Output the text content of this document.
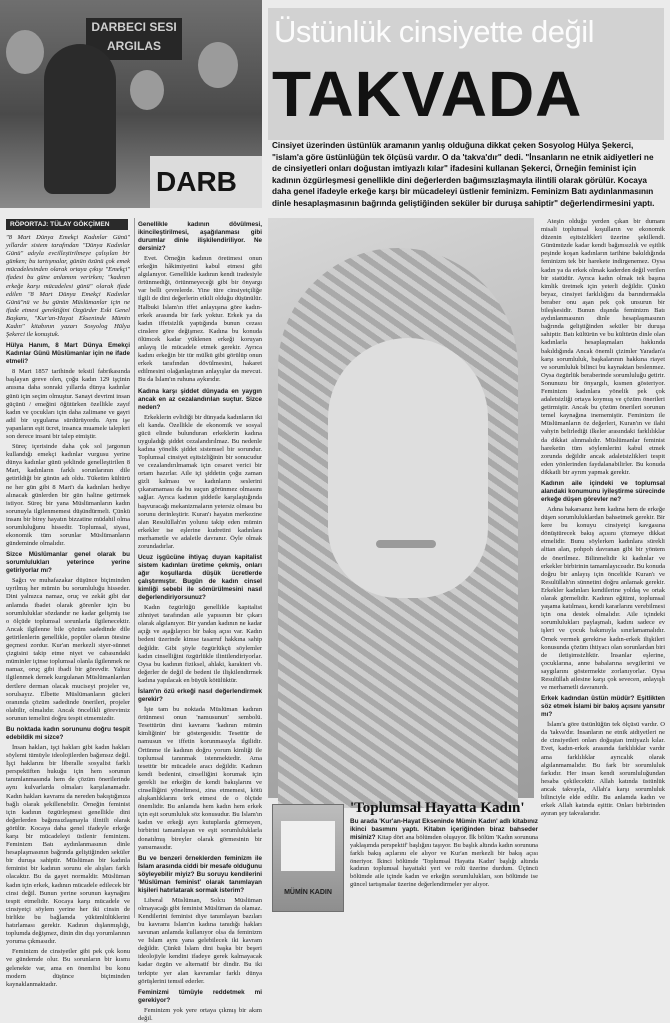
DARBECI SESI
ARGILAS
DARB
Üstünlük cinsiyette değil
TAKVADA
Cinsiyet üzerinden üstünlük aramanın yanlış olduğuna dikkat çeken Sosyolog Hülya Şekerci, "islam'a göre üstünlüğün tek ölçüsü vardır. O da 'takva'dır" dedi. "İnsanların ne etnik aidiyetleri ne de cinsiyetleri onları doğustan imtiyazlı kılar" ifadesini kullanan Şekerci, Örneğin feminist için kadının özgürleşmesi genellikle dini değerlerden bağımsızlaşmayla ilintili olarak görülür. Kocaya daha genel ifadeyle erkeğe karşı bir mücadeleyi üstlenir feminizm. Feminizm Batı aydınlanmasının dinle hesaplaşmasının bağrında geliştiğinden seküler bir duruşa sahiptir" değerlendirmesini yaptı.
RÖPORTAJ: TÜLAY GÖKÇİMEN

"8 Mart Dünya Emekçi Kadınlar Günü" yıllardır sistem tarafından "Dünya Kadınlar Günü" adıyla evcilleştirilmeye çalışılan bir günken; bu tartışmalar, günün özünü çok emek mücadelesinden olarak ortaya çıkışı "Emekçi" ifadesi bu güne anlamını verirken; "kadının erkeğe karşı mücadelesi günü" olarak ifade edilen "8 Mart Dünya Emekçi Kadınlar Günü"nü ve bu günün Müslümanlar için ne ifade etmesi gerektiğini Özgürder Eski Genel Başkanı, "Kur'an-Hayat Ekseninde Mümin Kadın" kitabının yazarı Sosyolog Hülya Şekerci ile konuştuk.

Hülya Hanım, 8 Mart Dünya Emekçi Kadınlar Günü Müslümanlar için ne ifade etmeli?

8 Mart 1857 tarihinde tekstil fabrikasında başlayan greve olen, çoğu kadın 129 işçinin anısına daha sonraki yıllarda dünya kadınlar günü için seçim olmuştur. Sanayi devrimi insan güçünü / emeğini öğütürken özellikle zayıf kadın ve çocukları için daha zalimane ve gayri adil bir uygulama sürdürüyordu. Aynı işe yapanların eşit ücret, insanca muamele talepleri son derece insani bir talep etmiştir.

Süreç içerisinde daha çok sol jargonun kullandığı emekçi kadınlar vurgusu yerine dünya kadınlar günü şeklinde genelleştirilen 8 Mart, kadınların farklı sorunlarının dile getirildiği bir günün adı oldu. Tüketim kültürü ne her gün gibi 8 Mart'ı da kadınları hediye alınacak günlerden bir gün haline getirmek istiyor. Süreç bir yana Müslümanların kadın sorunuyla ilgilenmemesi düşündürmeli. Çünkü insanı bir birey hayatın bizzatine müdahil olma sorumluluğunu hissedir. Toplumsal, siyasi, ekonomik tüm sorunlar Müslümanların gündeminde olmalıdır.

Sizce Müslümanlar genel olarak bu sorumlulukları yeterince yerine getiriyorlar mı?

Sağcı ve muhafazakar düşünce biçiminden uyrilmış her mümin bu sorumluluğu hisseder. Dini yalnızca namaz, oruç ve zekât gibi dar anlamda ibadet olarak görenler için bu sorumluluklar sözdandır ne kadar gelişmiş ise o ölçüde toplumsal sorunlarla ilgilenecektir. Ancak ilgilenne bile çözüm sadedinde dile getirilenlerin genellikle, popüler olanın ötesine geçmesi zordur. Kur'an merkezli siyer-sünnet çizgisini takip etme niyet ve cabasındaki müminler içinse toplumsal olanla ilgilenmek ne namaz, oruç gibi ibadi bir görevdir. Yalnız ilgilenmek demek kurgulanan Müslümanlardan dertlere derman olacak muciseyi projeler ve, sorulsayız. Elbette Müslümanların gücleri oranında çözüm sadedinde önerileri, projeler olabilir, olmalıdır. Ancak öncelikli görevimiz sorunun temelini doğru tespit etmemizdir.

Bu noktada kadın sorununu doğru tespit edebildik mi sizce?

İnsan hakları, işçi hakları gibi kadın hakları söylemi tümüyle ideolojilerden bağımsız değil. İşçi haklarını bir liberalle sosyalist farklı perspektiften hukuğu için hem sorunun tanımlanmasında hem de çözüm önerilerinde aynı kulvarlarda olmaları karşılanamadır. Kadın hakları kavramı da nereden bakıştığınıza bağlı olarak şekillenebilir. Örneğin feminist için kadının özgürleşmesi genellikle dini değerlerden bağımsızlaşmayla ilintili olarak görülür. Kocaya daha genel ifadeyle erkeğe karşı bir mücadeleyi üstlenir feminizm. Feminizm Batı aydınlanmasının dinle hesaplaşmasının bağrında geliştiğinden seküler bir duruşa sahiptir. Müslüman bir kadınla feminist bir kadının sorunu ele alışları farklı olacaktır. Bu da gayet normaldir. Müslüman kadın için erkek, kadının mücadele edilecek bir cinsi değil. Bunun yerine sorunun kaynağını tespit etmelidir. Kocaya karşı mücadele ve cinsiyetçi söylem yerine her iki cinsin de birlikte bu bağlamda yükümlülüklerini hatırlaması gerekir. Kadının dışlanmışlığı, toplumda değişmez, dinin din dışı yorumlarının yoruma çıkmasıdır.

Feminizm de cinsiyetler gibi pek çok konu ve gündemde olur. Bu sorunların bir kısmı gelenekte var, ama en önemlisi bu konu modern düşünce biçiminden kaynaklanmaktadır.

Genellikle kadının dövülmesi, ikincileştirilmesi, aşağılanması gibi durumlar dinle ilişkilendiriliyor. Ne dersiniz?

Evet. Örneğin kadının öretimesi onun erkeğin hâkimiyetini kabul etmesi gibi algılanıyor. Genellikle kadının kendi iradesiyle örtünmediği, örtünmeyeceği gibi bir önyargı var belli çevrelerde. Yine türe cinsiyetçiliğe ilgili de dini değerlerin etkili olduğu düşünülür. Halbuki İslam'ın iffet anlayışına göre kadın-erkek arasında bir fark yoktur. Erkek ya da kadın iffetsizlik yaptığında bunun cezası cinslere göre değişmez. Kadına bu konuda ölümcek kadar yüklenen erkeği koruyan anlayış ile mücadele etmek gerekir. Ayrıca kadını erkeğin bir tür mülkü gibi görülüp onun erkek tarafından dövülmesini, hakaret edilmesini olağanlaştıran anlayışlar da mevcut. Bu da İslam'ın ruhuna aykırıdır.

Kadına karşı şiddet dünyada en yaygın ancak en az cezalandırılan suçtur. Sizce neden?

Erkeklerin evlidiği bir dünyada kadınların iki eli kanda. Özellikle de ekonomik ve sosyal gücü elinde bulunduran erkeklerin kadına uyguladığı şiddet cezalandırılmaz. Bu nedenle kadına yönelik şiddet sistemsel bir sorundur. Toplumsal cinsiyet eşitsizliğinin bir sonucudur ve cezalandırılmamak için cesaret verici bir ortam hazırlar. Aile içi şiddetin çoğu zaman gizli kalması ve kadınların seslerini çıkaramaması da bu suçun görünmez olmasını sağlar. Ayrıca kadının şiddetle karşılaştığında başvuracağı mekanizmaların yetersiz olması bu sorunu derinleştirir. Kuran'ı hayatın merkezine alan Resulüllah'ın yolunu takip eden mümin erkekler ise eşlerine kudretini kadınlara merhametle ve adaletle davranır. Öyle olmak zorundadırlar.

Ucuz işgücüne ihtiyaç duyan kapitalist sistem kadınları üretime çekmiş, onları ağır koşullarda düşük ücretlerde çalıştırmıştır. Bugün de kadın cinsel kimliği sebebi ile sömürülmesini nasıl değerlendiriyorsunuz?

Kadın özgürlüğü genellikle kapitalist zihniyet tarafından aile yapısının bir çıkarı olarak algılanıyor. Bir yandan kadının ne kadar açığı ve aşağılayıcı bir bakış açısı var. Kadın bedeni üzerinde kimse tasarruf hakkına sahip değildir. Gibi şöyle özgürlükçü söylemler kadın cinselliğini özgürlükle ilintilendiriyorlar. Oysa bu kadının fiziksel, ahlaki, karakteri vb. değerler de değil de bedeni ile ilişkilendirmek kadına yapılacak en büyük kötülüktür.

İslam'ın özü erkeği nasıl değerlendirmek gerekir?

İşte tam bu noktada Müslüman kadının örtünmesi onun 'namusunun' sembolü. Tesettürün dini kavramı 'kadının mümin kimliğinin' bir göstergesidir. Tesettür de namusun ve iffetin korunmasıyla ilgilidir. Örtünme ile kadının doğru yorum kimliği ile toplumsal tanınmak istenmektedir. Ama tesettür bir mücadele aracı değildir. Kadının kendi bedenini, cinselliğini korumak için gerekli ise erkeğin de kendi bakışlarını ve cinselliğini yöneltmesi, zina etmemesi, kötü alışkanlıklarını terk etmesi de o ölçüde önemlidir. Bu anlamda hem kadın hem erkek için eşit sorumluluk söz konusudur. Bu İslam'ın kadın ve erkeği ayrı kutuplarda görmeyen, birbirini tamamlayan ve eşit sorumluluklarla donatılmış bireyler olarak görmesinin bir yansımasıdır.

Bu ve benzeri örneklerden feminizm ile İslam arasında ciddi bir mesafe olduğunu söyleyebilir miyiz? Bu soruyu kendilerini 'Müslüman feminist' olarak tanımlayan kişileri hatırlatarak sormak isterim?

Liberal Müslüman, Solcu Müslüman olmayacağı gibi feminist Müslüman da olamaz. Kendilerini feminist diye tanımlayan bazıları bu kavramı İslam'ın kadına tanıdığı hakları savunan anlamda kullanıyor olsa da feminizm ve İslam aynı yana gelebilecek iki kavram değildir. Çünkü İslam dini başka bir beşeri ideolojiyle kendini ifadeye gerek kalmayacak kadar özgün ve alternatif bir dindir. Bu iki terkipte yer alan kavramlar farklı dünya görüşlerini temsil ederler.

Feminizmi tümüyle reddetmek mi gerekiyor?

Feminizm yok yere ortaya çıkmış bir akım değil.

Ateşin olduğu yerden çıkan bir dumanı misali toplumsal koşulların ve ekonomik düzenin eşitsizlikleri üzerine şekillendi. Günümüzde kadar kendi bağımsızlık ve eşitlik peşinde koşan kadınların tarihine bakıldığında feminizm tek bir harekete indirgenemez. Oysa kadın ya da erkek olmak kaderden değil verilen bir statüdür. Ayrıca kadın olmak tek başına kimlik üretmek için yeterli değildir. Çünkü beyaz, cinsiyet farklılığını da barındırmakla beraber onu aşan pek çok unsurun bir bileşkesidir. Bunun dışında feminizm Batı aydınlanmasının dinle hesaplaşmasının bağrında geliştiğinden seküler bir duruşa sahiptir. Batı kültürün ve bu kültürün dinle olan kadınlarla hesaplaşmaları hakkında bakıldığında Ancak önemli çizimler Yaradan'a karşı sorumluluk, başkalarının hakkına riayet ve sorumluluk bilinci bu kaynaktan beslenmez. Oysa özgürlük beraberinde sorumluluğu getirir. Sonunuzu bir önyargılı, kısmen gösteriyor. Feminizm kadınlara yönelik pek çok adaletsizliği ortaya koymuş ve çözüm önerileri getirmiştir. Ancak bu çözüm önerileri sorunun temel kaynağına inememiştir. Feminizm ile Müslümanların öz değerleri, Kuran'ın ve ilahi vahyin belirlediği ilkeler arasındaki farklılıklar da dikkat alınmalıdır. Müslümanlar feminist hareketin tüm söylemlerini kabul etmek zorunda değildir ancak adaletsizlikleri tespit eden yönlerinden faydalanabilirler. Bu konuda dikkatli bir ayrım yapmak gerekir.

Kadının aile içindeki ve toplumsal alandaki konumunu iyileştirme sürecinde erkeğe düşen görevler ne?

Adına bakarsanız hem kadına hem de erkeğe düşen sorumluluklardan bahsetmek gerekir. Bir kere bu konuyu cinsiyetçi kavgasına dönüştürecek bakış açısını çözmeye dikkat etmelidir. Bunu söylerken kadınlara sürekli alttan alan, pohpoh davranan gibi bir yöntem de önerilmez. Bilinmelidir ki kadınlar ve erkekler birbirinin tamamlayıcısıdır. Bu konuda doğru bir anlayış için öncelikle Kuran'ı ve Resulüllah'ın sünnetini doğru anlamak gerekir. Erkekler kadınları kendilerine yoldaş ve ortak olarak görmelidir. Kadının eğitimi, toplumsal yaşama katılması, kendi kararlarını verebilmesi için ona destek olmalıdır. Aile içindeki sorumlulukları paylaşmalı, kadını sadece ev işleri ve çocuk bakımıyla sınırlamamalıdır. Örnek vermek gerekirse kadın-erkek ilişkileri konusunda çözüm ihtiyacı olan sorunlardan biri de iletişimsizliktir. İnsanlar eşlerine, çocuklarına, anne babalarına sevgilerini ve saygılarını göstermekte zorlanıyorlar. Oysa Resulüllah ailesine karşı çok sevecen, anlayışlı ve merhametli davranırdı.

Erkek kadından üstün müdür? Eşitlikten söz etmek İslami bir bakış açısını yansıtır mı?

İslam'a göre üstünlüğün tek ölçüsü vardır. O da 'takva'dır. İnsanların ne etnik aidiyetleri ne de cinsiyetleri onları doğuştan imtiyazlı kılar. Evet, kadın-erkek arasında farklılıklar vardır ama farklılıklar ayrıcalık olarak algılanmamalıdır. Bu fark bir sorumluluk farkıdır. Her insan kendi sorumluluğundan hesaba çekilecektir. Allah katında üstünlük ancak takvayla, Allah'a karşı sorumluluk bilinciyle elde edilir. Bu anlamda kadın ve erkek Allah katında eşittir. Onları birbirinden ayıran şey takvalarıdır.

MÜMİN KADIN
'Toplumsal Hayatta Kadın'
Bu arada 'Kur'an-Hayat Ekseninde Mümin Kadın' adlı kitabınız ikinci basımını yaptı. Kitabın içeriğinden biraz bahseder misiniz? Kitap dört ana bölümden oluşuyor. İlk bölüm 'Kadın sorununa yaklaşımda perspektif' başlığını taşıyor. Bu başlık altında kadın sorununa farklı bakış açılarını ele alıyor ve Kur'an merkezli bir bakış açısı öneriyor. İkinci bölümde 'Toplumsal Hayatta Kadın' başlığı altında kadının toplumsal hayattaki yeri ve rolü üzerine durdum. Üçüncü bölümde aile içinde kadın ve erkeğin sorumlulukları, son bölümde ise güncel tartışmalar üzerine değerlendirmeler yer alıyor.
